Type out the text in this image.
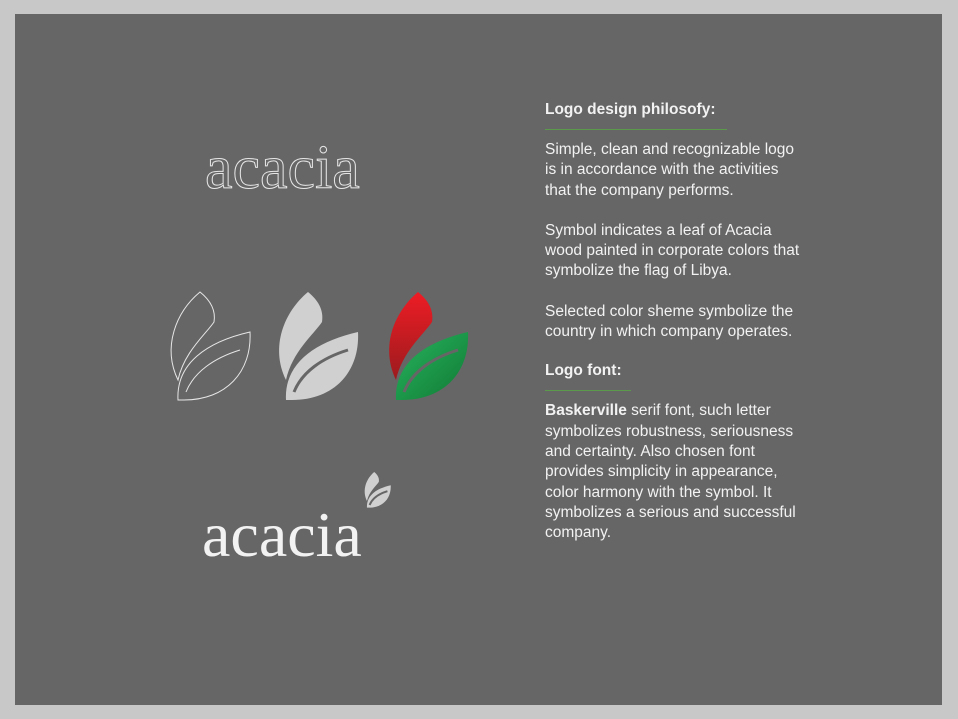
acacia
acacia

Logo design philosofy:

Simple, clean and recognizable logo is in accordance with the activities that the company performs.

Symbol indicates a leaf of Acacia wood painted in corporate colors that symbolize the flag of Libya.

Selected color sheme symbolize the country in which company operates.

Logo font:

Baskerville serif font, such letter symbolizes robustness, seriousness and certainty. Also chosen font provides simplicity in appearance, color harmony with the symbol. It symbolizes a serious and successful company.
